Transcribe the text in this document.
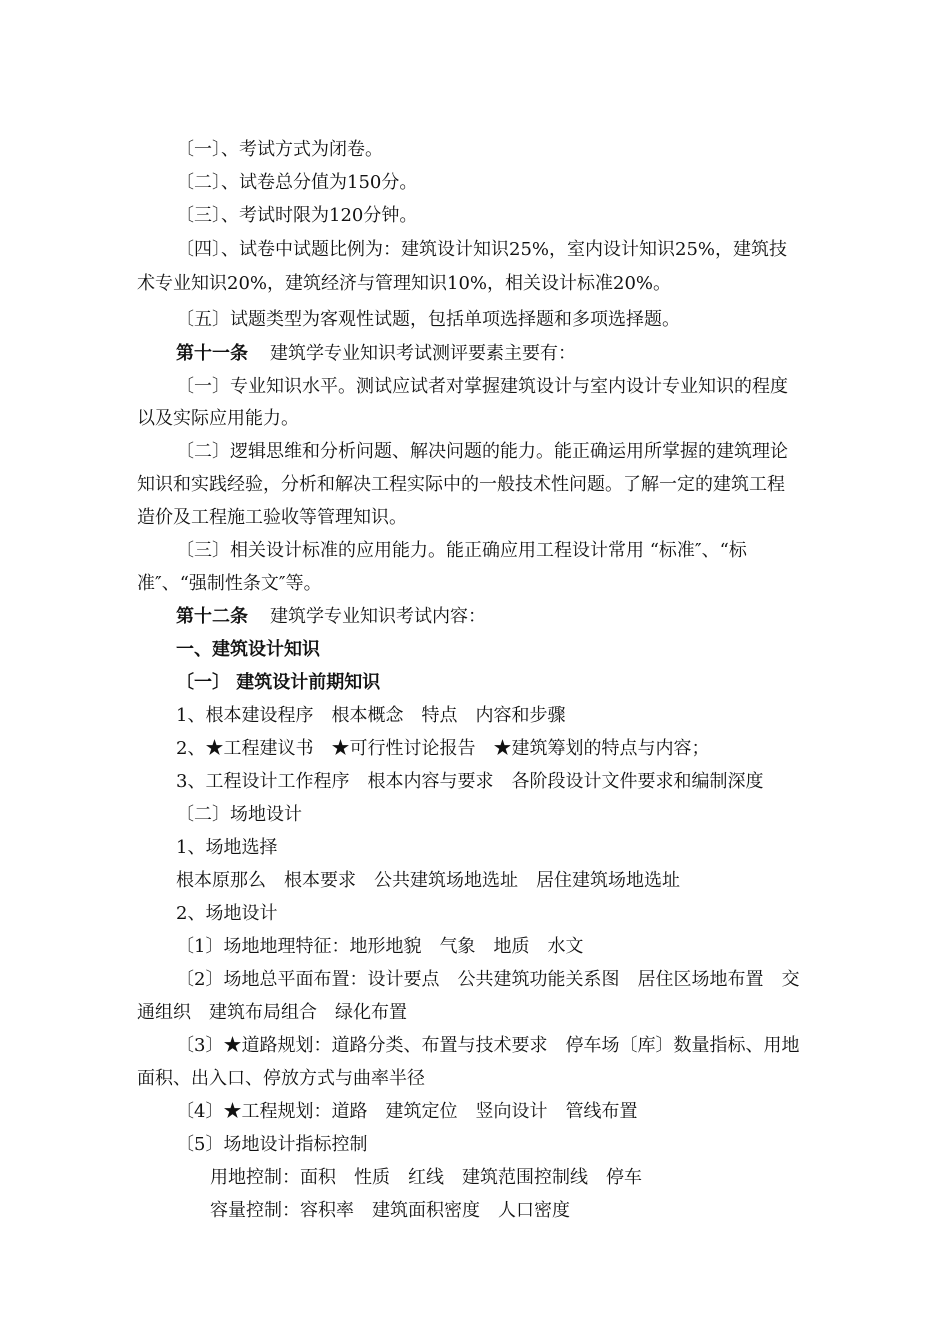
〔一〕、考试方式为闭卷。
〔二〕、试卷总分值为150分。
〔三〕、考试时限为120分钟。
〔四〕、试卷中试题比例为：建筑设计知识25%，室内设计知识25%，建筑技
术专业知识20%，建筑经济与管理知识10%，相关设计标准20%。
〔五〕试题类型为客观性试题，包括单项选择题和多项选择题。
第十一条 建筑学专业知识考试测评要素主要有：
〔一〕专业知识水平。测试应试者对掌握建筑设计与室内设计专业知识的程度
以及实际应用能力。
〔二〕逻辑思维和分析问题、解决问题的能力。能正确运用所掌握的建筑理论
知识和实践经验，分析和解决工程实际中的一般技术性问题。了解一定的建筑工程
造价及工程施工验收等管理知识。
〔三〕相关设计标准的应用能力。能正确应用工程设计常用 “标准″、“标
准″、“强制性条文″等。
第十二条 建筑学专业知识考试内容：
一、建筑设计知识
〔一〕 建筑设计前期知识
1、根本建设程序　根本概念　特点　内容和步骤
2、★工程建议书　★可行性讨论报告　★建筑筹划的特点与内容；
3、工程设计工作程序　根本内容与要求　各阶段设计文件要求和编制深度
〔二〕场地设计
1、场地选择
根本原那么　根本要求　公共建筑场地选址　居住建筑场地选址
2、场地设计
〔1〕场地地理特征：地形地貌　气象　地质　水文
〔2〕场地总平面布置：设计要点　公共建筑功能关系图　居住区场地布置　交
通组织　建筑布局组合　绿化布置
〔3〕★道路规划：道路分类、布置与技术要求　停车场〔库〕数量指标、用地
面积、出入口、停放方式与曲率半径
〔4〕★工程规划：道路　建筑定位　竖向设计　管线布置
〔5〕场地设计指标控制
用地控制：面积　性质　红线　建筑范围控制线　停车
容量控制：容积率　建筑面积密度　人口密度
